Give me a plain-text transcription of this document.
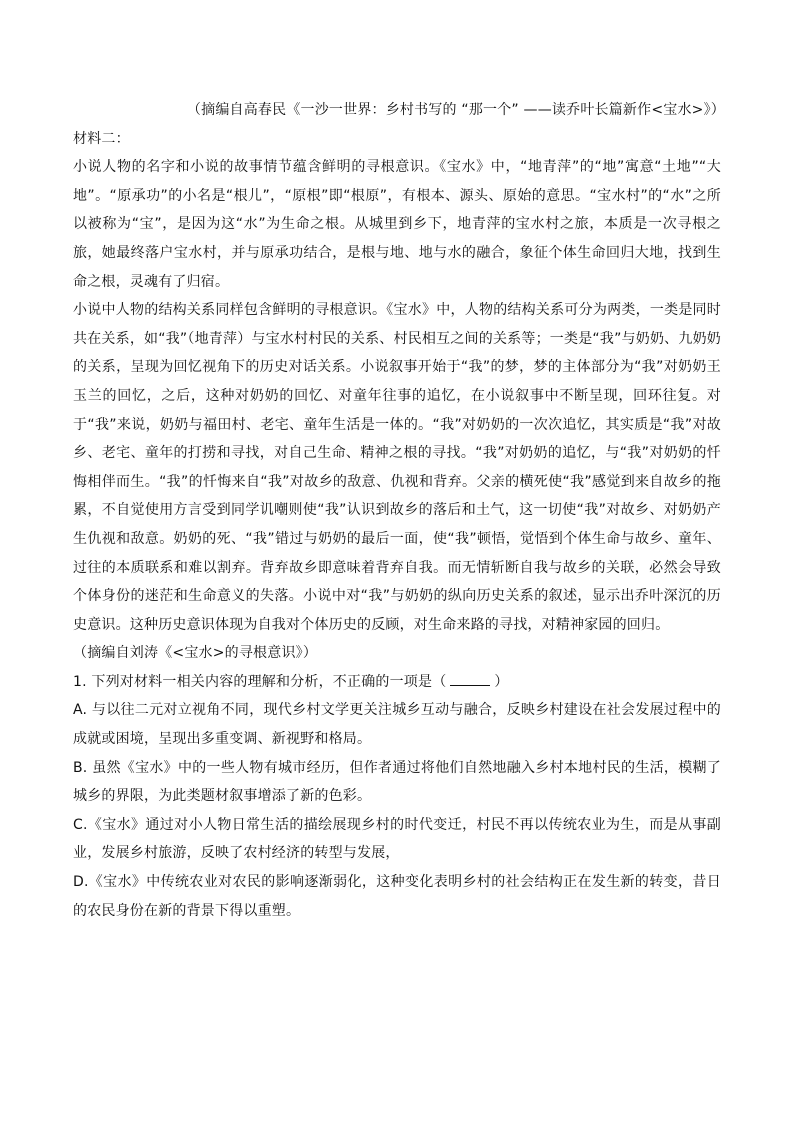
（摘编自高春民《一沙一世界：乡村书写的 “那一个” ——读乔叶长篇新作<宝水>》）

材料二：

小说人物的名字和小说的故事情节蕴含鲜明的寻根意识。《宝水》中，“地青萍”的“地”寓意“土地”“大地”。“原承功”的小名是“根儿”，“原根”即“根原”，有根本、源头、原始的意思。“宝水村”的“水”之所以被称为“宝”，是因为这“水”为生命之根。从城里到乡下，地青萍的宝水村之旅，本质是一次寻根之旅，她最终落户宝水村，并与原承功结合，是根与地、地与水的融合，象征个体生命回归大地，找到生命之根，灵魂有了归宿。

小说中人物的结构关系同样包含鲜明的寻根意识。《宝水》中，人物的结构关系可分为两类，一类是同时共在关系，如“我”（地青萍）与宝水村村民的关系、村民相互之间的关系等；一类是“我”与奶奶、九奶奶的关系，呈现为回忆视角下的历史对话关系。小说叙事开始于“我”的梦，梦的主体部分为“我”对奶奶王玉兰的回忆，之后，这种对奶奶的回忆、对童年往事的追忆，在小说叙事中不断呈现，回环往复。对于“我”来说，奶奶与福田村、老宅、童年生活是一体的。“我”对奶奶的一次次追忆，其实质是“我”对故乡、老宅、童年的打捞和寻找，对自己生命、精神之根的寻找。“我”对奶奶的追忆，与“我”对奶奶的忏悔相伴而生。“我”的忏悔来自“我”对故乡的敌意、仇视和背弃。父亲的横死使“我”感觉到来自故乡的拖累，不自觉使用方言受到同学讥嘲则使“我”认识到故乡的落后和土气，这一切使“我”对故乡、对奶奶产生仇视和敌意。奶奶的死、“我”错过与奶奶的最后一面，使“我”顿悟，觉悟到个体生命与故乡、童年、过往的本质联系和难以割弃。背弃故乡即意味着背弃自我。而无情斩断自我与故乡的关联，必然会导致个体身份的迷茫和生命意义的失落。小说中对“我”与奶奶的纵向历史关系的叙述，显示出乔叶深沉的历史意识。这种历史意识体现为自我对个体历史的反顾，对生命来路的寻找，对精神家园的回归。

（摘编自刘涛《<宝水>的寻根意识》）

1. 下列对材料一相关内容的理解和分析，不正确的一项是（	）

A. 与以往二元对立视角不同，现代乡村文学更关注城乡互动与融合，反映乡村建设在社会发展过程中的成就或困境，呈现出多重变调、新视野和格局。

B. 虽然《宝水》中的一些人物有城市经历，但作者通过将他们自然地融入乡村本地村民的生活，模糊了城乡的界限，为此类题材叙事增添了新的色彩。

C.《宝水》通过对小人物日常生活的描绘展现乡村的时代变迁，村民不再以传统农业为生，而是从事副业，发展乡村旅游，反映了农村经济的转型与发展，

D.《宝水》中传统农业对农民的影响逐渐弱化，这种变化表明乡村的社会结构正在发生新的转变，昔日的农民身份在新的背景下得以重塑。
